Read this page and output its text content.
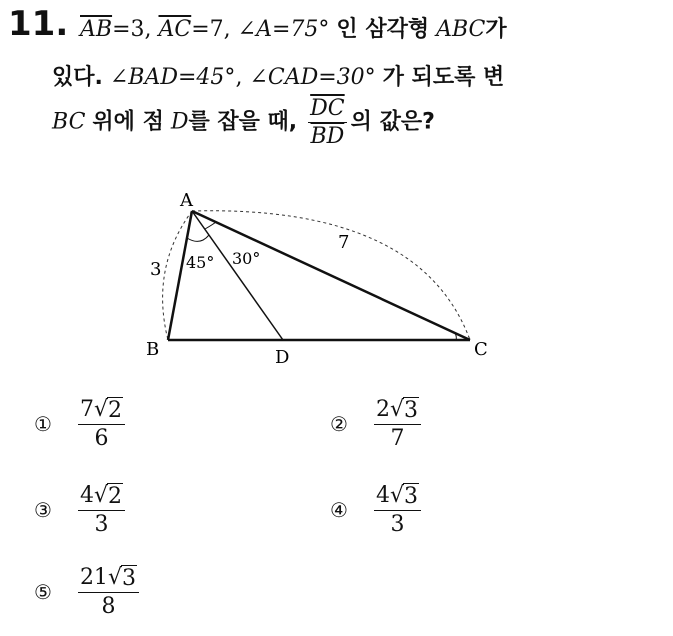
11. $\overline{AB}=3$, $\overline{AC}=7$, ∠A=75° 인 삼각형 ABC가
있다. ∠BAD=45°, ∠CAD=30° 가 되도록 변
BC 위에 점 D를 잡을 때, $\frac{\overline{DC}}{BD}$ 의 값은?
A
B	C
D
3
7
45° 30°
① $\frac{7 √ 2}{6}$	② $\frac{2 √ 3}{7}$
③ $\frac{4 √ 2}{3}$	④ $\frac{4 √ 3}{3}$
⑤ $\frac{21 √ 3}{8}$
